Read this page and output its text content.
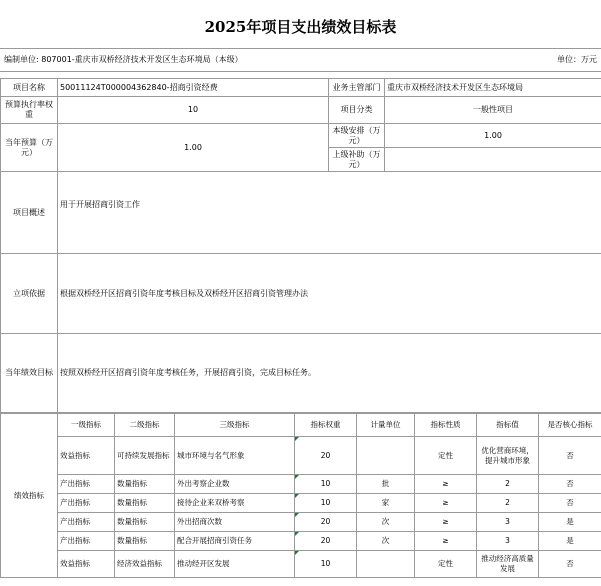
2025年项目支出绩效目标表
编制单位: 807001-重庆市双桥经济技术开发区生态环境局（本级）	单位：万元
项目名称	50011124T000004362840-招商引资经费	业务主管部门	重庆市双桥经济技术开发区生态环境局
预算执行率权重	10	项目分类	一般性项目
当年预算（万元）	1.00	本级安排（万元）	1.00
		上级补助（万元）	
项目概述	用于开展招商引资工作		
立项依据	根据双桥经开区招商引资年度考核目标及双桥经开区招商引资管理办法		
当年绩效目标	按照双桥经开区招商引资年度考核任务，开展招商引资，完成目标任务。		
绩效指标	一级指标	二级指标	三级指标	指标权重	计量单位	指标性质	指标值	是否核心指标
	效益指标	可持续发展指标	城市环境与名气形象	20		定性	优化营商环境，提升城市形象	否
	产出指标	数量指标	外出考察企业数	10	批	≥	2	否
	产出指标	数量指标	接待企业来双桥考察	10	家	≥	2	否
	产出指标	数量指标	外出招商次数	20	次	≥	3	是
	产出指标	数量指标	配合开展招商引资任务	20	次	≥	3	是
	效益指标	经济效益指标	推动经开区发展	10		定性	推动经济高质量发展	否
